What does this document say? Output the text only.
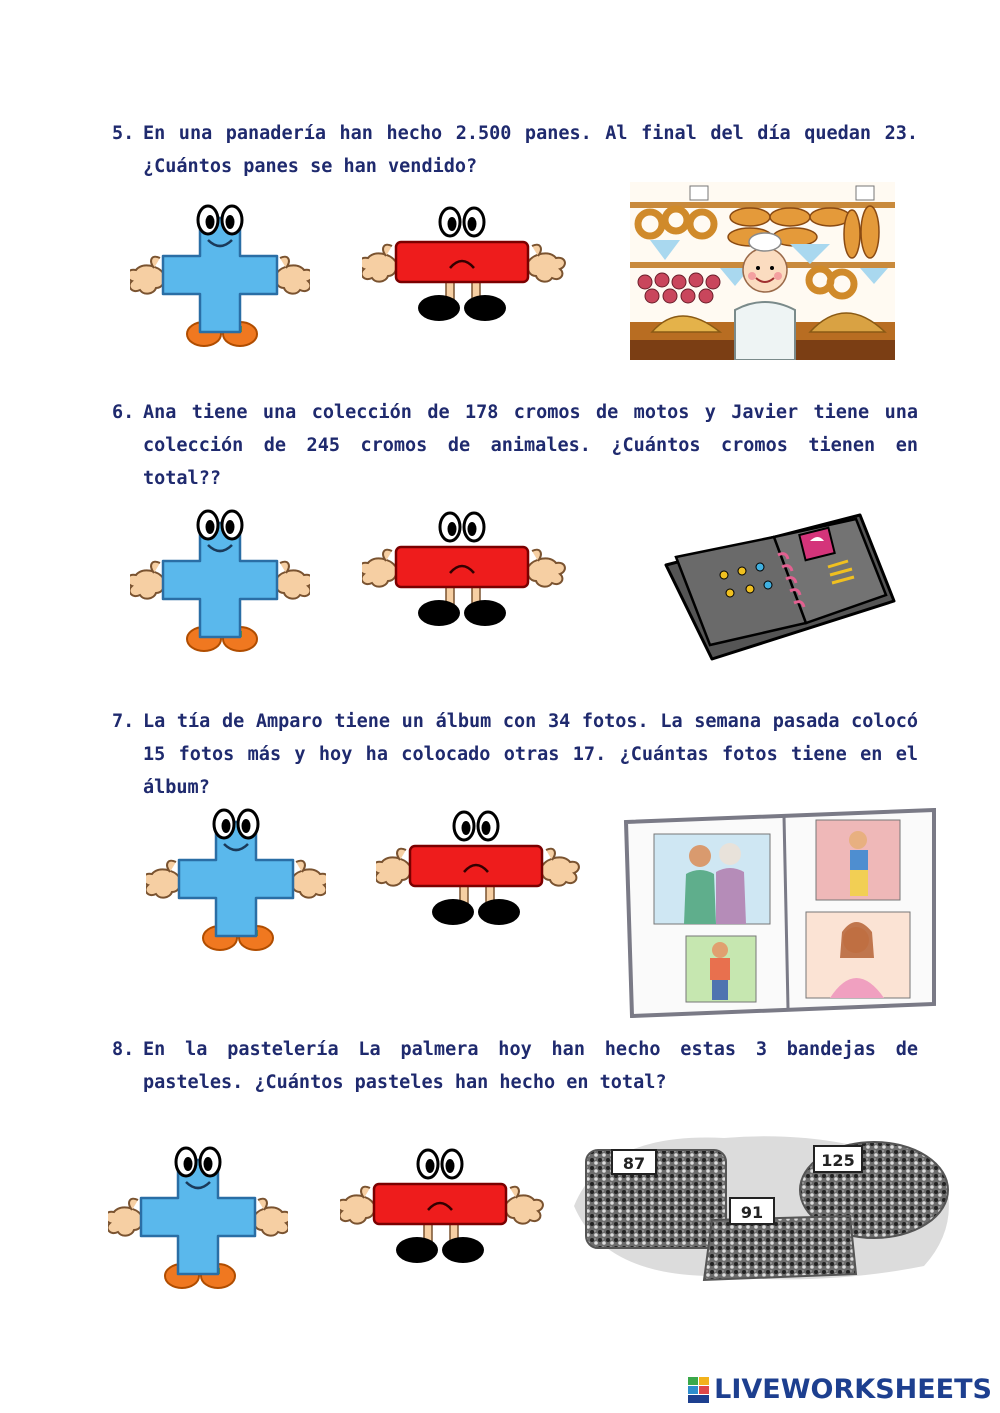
5. En una panadería han hecho 2.500 panes. Al final del día quedan 23. ¿Cuántos panes se han vendido?
6. Ana tiene una colección de 178 cromos de motos y Javier tiene una colección de 245 cromos de animales. ¿Cuántos cromos tienen en total??
7. La tía de Amparo tiene un álbum con 34 fotos. La semana pasada colocó 15 fotos más y hoy ha colocado otras 17. ¿Cuántas fotos tiene en el álbum?
8. En la pastelería La palmera hoy han hecho estas 3 bandejas de pasteles. ¿Cuántos pasteles han hecho en total?
87
91
125
LIVEWORKSHEETS
